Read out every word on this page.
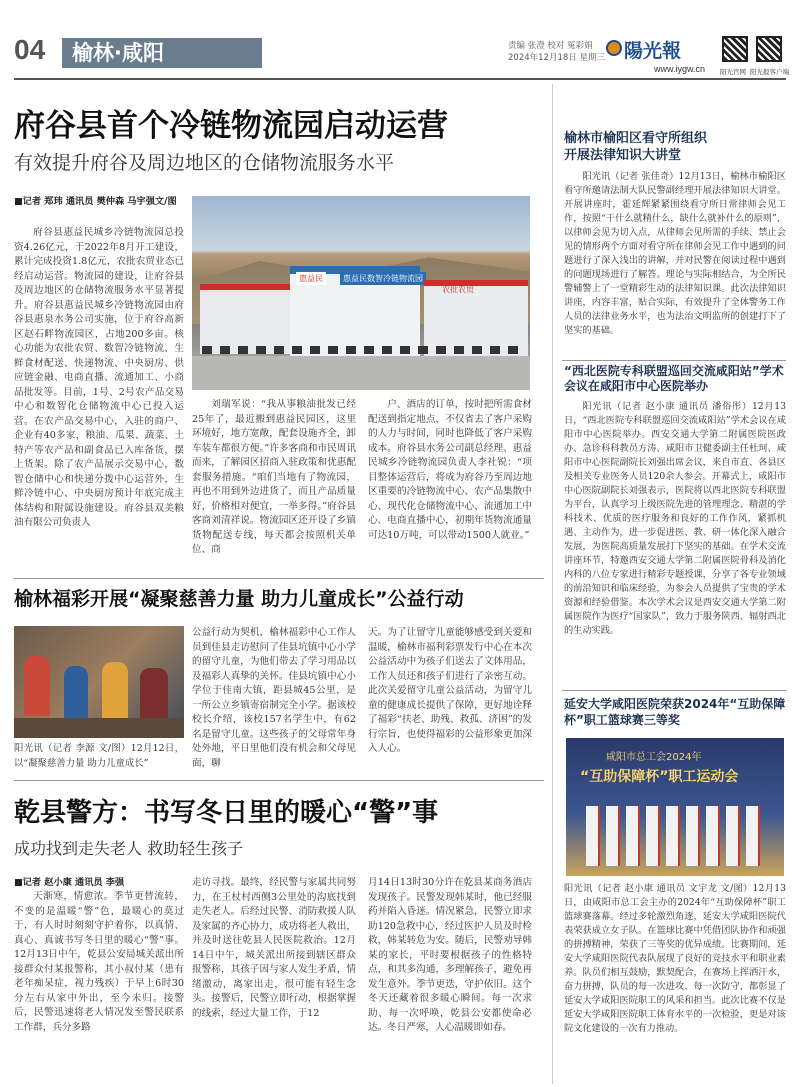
04	榆林·咸阳	责编 张澄 校对 冤彩娟
2024年12月18日 星期三 陽光報
www.iygw.cn 阳光官网 阳光报客户端
府谷县首个冷链物流园启动运营
有效提升府谷及周边地区的仓储物流服务水平
■记者 郑玮 通讯员 樊仲森 马宇强文/图

府谷县惠益民城乡冷链物流园总投资4.26亿元，于2022年8月开工建设，累计完成投资1.8亿元，农批农贸业态已经启动运营。物流园的建设，让府谷县及周边地区的仓储物流服务水平显著提升。府谷县惠益民城乡冷链物流园由府谷县惠泉水务公司实施，位于府谷高新区赵石畔物流园区，占地200多亩。核心功能为农批农贸、数智冷链物流、生鲜食材配送、快递物流、中央厨房、供应链金融、电商直播、流通加工、小商品批发等。目前，1号、2号农产品交易中心和数智化仓储物流中心已投入运营。在农产品交易中心，入驻的商户、企业有40多家，粮油、瓜果、蔬菜、土特产等农产品和副食品已入库备货，摆上货架。除了农产品展示交易中心，数智仓储中心和快递分拨中心运营外，生鲜冷链中心、中央厨房预计年底完成主体结构和附属设施建设。府谷县双美粮油有限公司负责人

惠益民数智冷链物流园
惠益民
农批农贸

刘瑞军说：“我从事粮油批发已经25年了，最近搬到惠益民园区，这里环境好，地方宽敞，配套设施齐全，卸车装车都很方便。”许多客商和市民周讯而来，了解园区招商入驻政策和优惠配套服务措施。“咱们当地有了物流园，再也不用到外边进货了，而且产品质量好，价格相对便宜，一举多得。”府谷县客商刘清祥说。物流园区还开设了乡镇货物配送专线，每天都会按照机关单位、商

户、酒店的订单，按时把所需食材配送到指定地点，不仅省去了客户采购的人力与时间，同时也降低了客户采购成本。府谷县水务公司副总经理、惠益民城乡冷链物流园负责人李社锐：“项目整体运营后，将成为府谷乃至周边地区重要的冷链物流中心、农产品集散中心、现代化仓储物流中心、流通加工中心、电商直播中心，初期年货物流通量可达10万吨，可以带动1500人就业。”

榆林福彩开展“凝聚慈善力量 助力儿童成长”公益行动
阳光讯（记者 李源 文/图）12月12日，以“凝聚慈善力量 助力儿童成长”

公益行动为契机，榆林福彩中心工作人员到佳县走访慰问了佳县坑镇中心小学的留守儿童，为他们带去了学习用品以及福彩人真挚的关怀。佳县坑镇中心小学位于佳南大镇，距县城45公里，是一所公立乡镇寄宿制完全小学。据该校校长介绍，该校157名学生中，有62名是留守儿童。这些孩子的父母常年身处外地，平日里他们没有机会和父母见面，聊

天。为了让留守儿童能够感受到关爱和温暖，榆林市福利彩票发行中心在本次公益活动中为孩子们送去了文体用品，工作人员还和孩子们进行了亲密互动。此次关爱留守儿童公益活动，为留守儿童的健康成长提供了保障，更好地诠释了福彩“扶老、助残、救孤、济困”的发行宗旨，也使得福彩的公益形象更加深入人心。

乾县警方：书写冬日里的暖心“警”事
成功找到走失老人 救助轻生孩子
■记者 赵小康 通讯员 李强

天渐寒，情愈浓。季节更替流转，不变的是温暖“警”色，最暖心的莫过于，有人时时刻刻守护着你，以真情、真心、真诚书写冬日里的暖心“警”事。12月13日中午，乾县公安局城关派出所接群众付某报警称，其小叔付某（患有老年痴呆症，视力残疾）于早上6时30分左右从家中外出，至今未归。接警后，民警迅速将老人情况发至警民联系工作群，兵分多路

走访寻找。最终，经民警与家属共同努力，在王杖村西侧3公里处的沟底找到走失老人。后经过民警、消防救援人队及家属的齐心协力，成功将老人救出，并及时送往乾县人民医院救治。12月14日中午，城关派出所接到辖区群众报警称，其孩子因与家人发生矛盾，情绪激动，离家出走，很可能有轻生念头。接警后，民警立即行动，根据掌握的线索，经过大量工作，于12

月14日13时30分许在乾县某商务酒店发现孩子。民警发现韩某时，他已经服药并陷入昏迷。情况紧急，民警立即求助120急救中心，经过医护人员及时检救，韩某转危为安。随后，民警劝导韩某的家长，平时要根据孩子的性格特点，和其多沟通，多理解孩子，避免再发生意外。季节更迭，守护依旧。这个冬天还藏着很多暖心瞬间。每一次求助、每一次呼唤，乾县公安都使命必达。冬日严寒，人心温暖即如春。

榆林市榆阳区看守所组织开展法律知识大讲堂

阳光讯（记者 张佳奇）12月13日，榆林市榆阳区看守所邀请法制大队民警副经理开展法律知识大讲堂。开展讲座时，霍延辉紧紧围绕看守所日常律师会见工作，按照“干什么就精什么，缺什么就补什么的原则”，以律师会见为切入点，从律师会见所需的手续、禁止会见的情形两个方面对看守所在律师会见工作中遇到的问题进行了深入浅出的讲解，并对民警在阅读过程中遇到的问题现场进行了解答。理论与实际相结合，为全所民警辅警上了一堂精彩生动的法律知识课。此次法律知识讲座，内容丰富，贴合实际，有效提升了全体警务工作人员的法律业务水平，也为法治文明监所的创建打下了坚实的基础。

“西北医院专科联盟巡回交流咸阳站”学术会议在咸阳市中心医院举办

阳光讯（记者 赵小康 通讯员 潘俗彤）12月13日，“西北医院专科联盟巡回交流咸阳站”学术会议在咸阳市中心医院举办。西安交通大学第二附属医院医政办、急诊科科教员方涛、咸阳市卫健委副主任杜珂、咸阳市中心医院副院长刘强出席会议，来自市直、各县区及相关专业医务人员120余人参会。开幕式上，咸阳市中心医院副院长刘强表示，医院将以西北医院专科联盟为平台，认真学习上级医院先进的管理理念、精湛的学科技术、优质的医疗服务和良好的工作作风，紧抓机遇、主动作为，进一步促进医、教、研一体化深入融合发展，为医院高质量发展打下坚实的基础。在学术交流讲座环节，特邀西安交通大学第二附属医院骨科及消化内科的八位专家进行精彩专题授课，分享了各专业领域的前沿知识和临床经验，为参会人员提供了宝贵的学术资源和经验借鉴。本次学术会议是西安交通大学第二附属医院作为医疗“国家队”，致力于服务陕西、辐射西北的生动实践。

延安大学咸阳医院荣获2024年“互助保障杯”职工篮球赛三等奖
咸阳市总工会2024年
“互助保障杯”职工运动会

阳光讯（记者 赵小康 通讯员 文宇龙 文/图）12月13日，由咸阳市总工会主办的2024年“互助保障杯”职工篮球赛落幕。经过多轮激烈角逐，延安大学咸阳医院代表荣获成立女子队。在篮球比赛中凭借团队协作和顽强的拼搏精神，荣获了三等奖的优异成绩。比赛期间，延安大学咸阳医院代表队展现了良好的竞技水平和职业素养。队员们相互鼓励，默契配合，在赛场上挥洒汗水，奋力拼搏，队员的每一次进攻、每一次防守，都彰显了延安大学咸阳医院职工的风采和担当。此次比赛不仅是延安大学咸阳医院职工体育水平的一次检验，更是对该院文化建设的一次有力推动。
